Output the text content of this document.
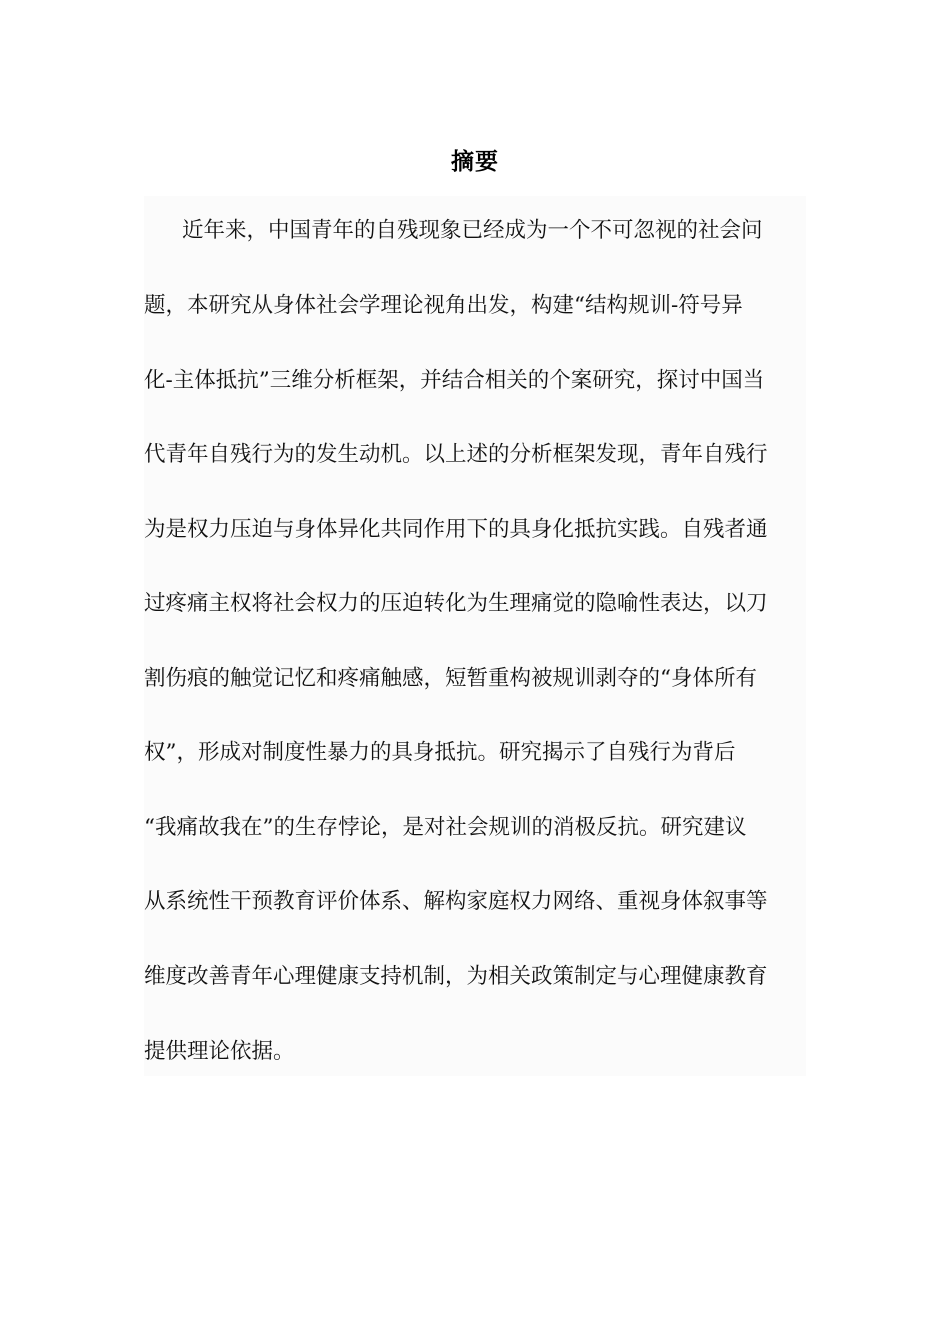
摘要
近年来，中国青年的自残现象已经成为一个不可忽视的社会问
题，本研究从身体社会学理论视角出发，构建“结构规训-符号异
化-主体抵抗”三维分析框架，并结合相关的个案研究，探讨中国当
代青年自残行为的发生动机。以上述的分析框架发现，青年自残行
为是权力压迫与身体异化共同作用下的具身化抵抗实践。自残者通
过疼痛主权将社会权力的压迫转化为生理痛觉的隐喻性表达，以刀
割伤痕的触觉记忆和疼痛触感，短暂重构被规训剥夺的“身体所有
权”，形成对制度性暴力的具身抵抗。研究揭示了自残行为背后
“我痛故我在”的生存悖论，是对社会规训的消极反抗。研究建议
从系统性干预教育评价体系、解构家庭权力网络、重视身体叙事等
维度改善青年心理健康支持机制，为相关政策制定与心理健康教育
提供理论依据。
